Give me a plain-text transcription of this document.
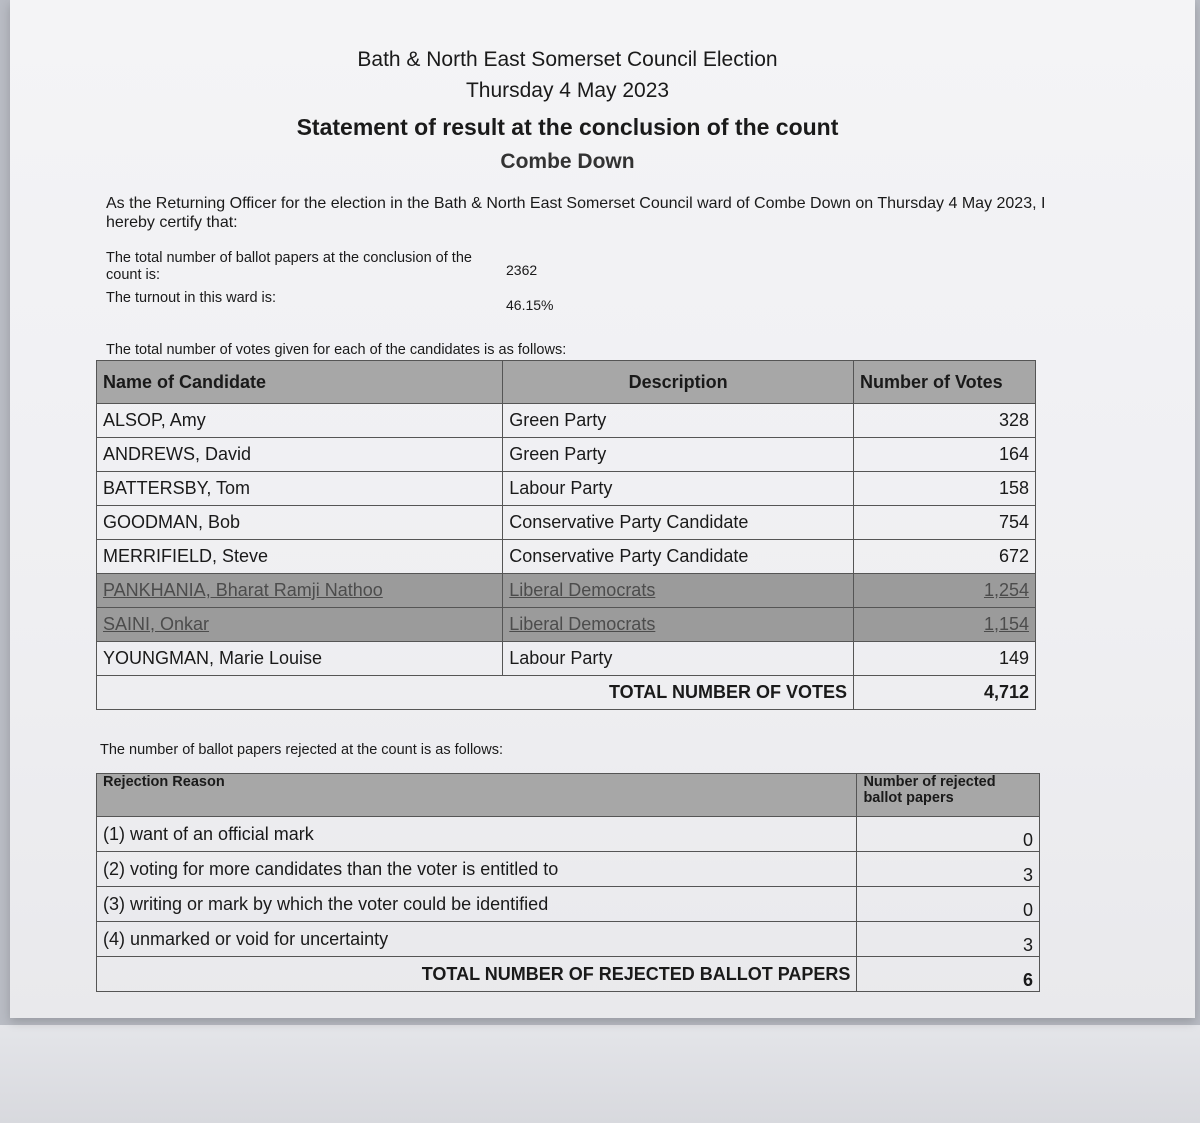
Bath & North East Somerset Council Election
Thursday 4 May 2023
Statement of result at the conclusion of the count
Combe Down
As the Returning Officer for the election in the Bath & North East Somerset Council ward of Combe Down on Thursday 4 May 2023, I hereby certify that:
The total number of ballot papers at the conclusion of the count is:	2362
The turnout in this ward is:	46.15%
The total number of votes given for each of the candidates is as follows:
Name of Candidate	Description	Number of Votes
ALSOP, Amy	Green Party	328
ANDREWS, David	Green Party	164
BATTERSBY, Tom	Labour Party	158
GOODMAN, Bob	Conservative Party Candidate	754
MERRIFIELD, Steve	Conservative Party Candidate	672
PANKHANIA, Bharat Ramji Nathoo	Liberal Democrats	1,254
SAINI, Onkar	Liberal Democrats	1,154
YOUNGMAN, Marie Louise	Labour Party	149
TOTAL NUMBER OF VOTES		4,712
The number of ballot papers rejected at the count is as follows:
Rejection Reason	Number of rejected ballot papers
(1) want of an official mark	0
(2) voting for more candidates than the voter is entitled to	3
(3) writing or mark by which the voter could be identified	0
(4) unmarked or void for uncertainty	3
TOTAL NUMBER OF REJECTED BALLOT PAPERS	6
